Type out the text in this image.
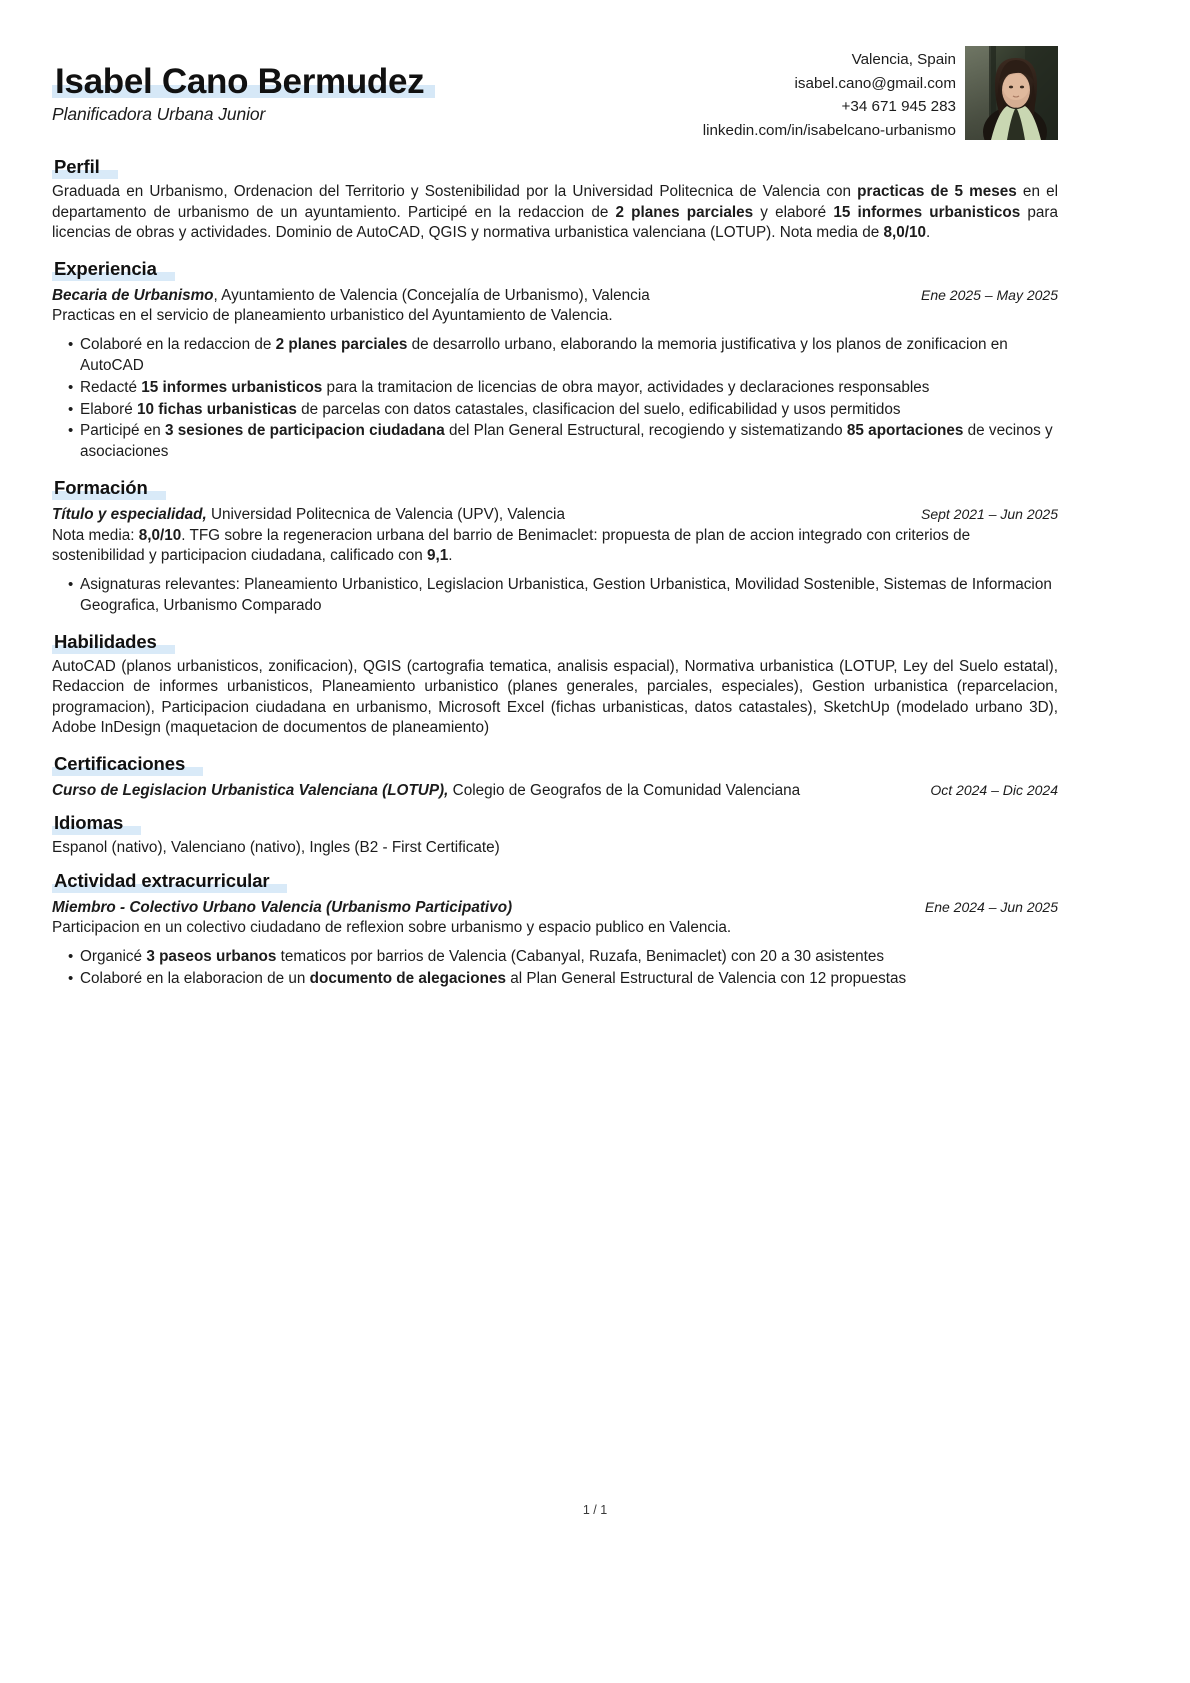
Isabel Cano Bermudez
Planificadora Urbana Junior
Valencia, Spain
isabel.cano@gmail.com
+34 671 945 283
linkedin.com/in/isabelcano-urbanismo
Perfil

Graduada en Urbanismo, Ordenacion del Territorio y Sostenibilidad por la Universidad Politecnica de Valencia con practicas de 5 meses en el departamento de urbanismo de un ayuntamiento. Participé en la redaccion de 2 planes parciales y elaboré 15 informes urbanisticos para licencias de obras y actividades. Dominio de AutoCAD, QGIS y normativa urbanistica valenciana (LOTUP). Nota media de 8,0/10.

Experiencia
Becaria de Urbanismo, Ayuntamiento de Valencia (Concejalía de Urbanismo), Valencia	Ene 2025 – May 2025

Practicas en el servicio de planeamiento urbanistico del Ayuntamiento de Valencia.

• Colaboré en la redaccion de 2 planes parciales de desarrollo urbano, elaborando la memoria justificativa y los planos de zonificacion en AutoCAD
• Redacté 15 informes urbanisticos para la tramitacion de licencias de obra mayor, actividades y declaraciones responsables
• Elaboré 10 fichas urbanisticas de parcelas con datos catastales, clasificacion del suelo, edificabilidad y usos permitidos
• Participé en 3 sesiones de participacion ciudadana del Plan General Estructural, recogiendo y sistematizando 85 aportaciones de vecinos y asociaciones
Formación
Título y especialidad, Universidad Politecnica de Valencia (UPV), Valencia	Sept 2021 – Jun 2025

Nota media: 8,0/10. TFG sobre la regeneracion urbana del barrio de Benimaclet: propuesta de plan de accion integrado con criterios de sostenibilidad y participacion ciudadana, calificado con 9,1.

• Asignaturas relevantes: Planeamiento Urbanistico, Legislacion Urbanistica, Gestion Urbanistica, Movilidad Sostenible, Sistemas de Informacion Geografica, Urbanismo Comparado
Habilidades

AutoCAD (planos urbanisticos, zonificacion), QGIS (cartografia tematica, analisis espacial), Normativa urbanistica (LOTUP, Ley del Suelo estatal), Redaccion de informes urbanisticos, Planeamiento urbanistico (planes generales, parciales, especiales), Gestion urbanistica (reparcelacion, programacion), Participacion ciudadana en urbanismo, Microsoft Excel (fichas urbanisticas, datos catastales), SketchUp (modelado urbano 3D), Adobe InDesign (maquetacion de documentos de planeamiento)

Certificaciones
Curso de Legislacion Urbanistica Valenciana (LOTUP), Colegio de Geografos de la Comunidad Valenciana	Oct 2024 – Dic 2024
Idiomas

Espanol (nativo), Valenciano (nativo), Ingles (B2 - First Certificate)

Actividad extracurricular
Miembro - Colectivo Urbano Valencia (Urbanismo Participativo)	Ene 2024 – Jun 2025

Participacion en un colectivo ciudadano de reflexion sobre urbanismo y espacio publico en Valencia.

• Organicé 3 paseos urbanos tematicos por barrios de Valencia (Cabanyal, Ruzafa, Benimaclet) con 20 a 30 asistentes
• Colaboré en la elaboracion de un documento de alegaciones al Plan General Estructural de Valencia con 12 propuestas
1 / 1
